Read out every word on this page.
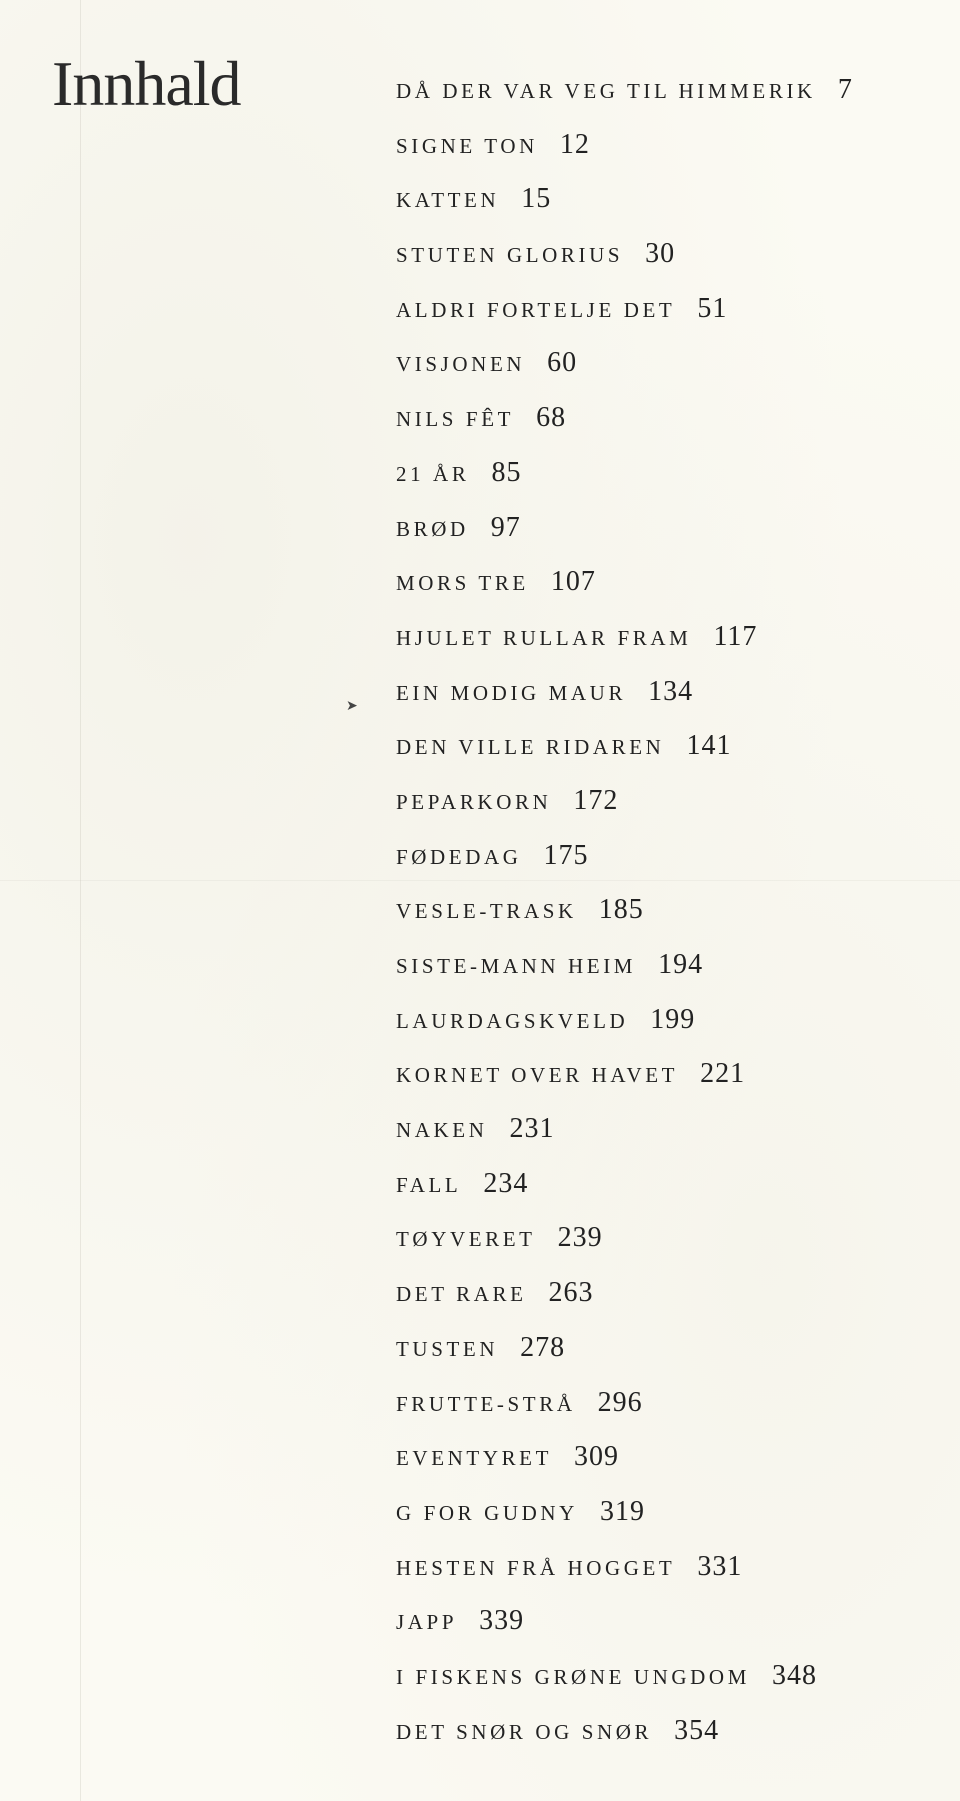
Innhald
➤
DÅ DER VAR VEG TIL HIMMERIK 7
SIGNE TON 12
KATTEN 15
STUTEN GLORIUS 30
ALDRI FORTELJE DET 51
VISJONEN 60
NILS FÊT 68
21 ÅR 85
BRØD 97
MORS TRE 107
HJULET RULLAR FRAM 117
EIN MODIG MAUR 134
DEN VILLE RIDAREN 141
PEPARKORN 172
FØDEDAG 175
VESLE-TRASK 185
SISTE-MANN HEIM 194
LAURDAGSKVELD 199
KORNET OVER HAVET 221
NAKEN 231
FALL 234
TØYVERET 239
DET RARE 263
TUSTEN 278
FRUTTE-STRÅ 296
EVENTYRET 309
G FOR GUDNY 319
HESTEN FRÅ HOGGET 331
JAPP 339
I FISKENS GRØNE UNGDOM 348
DET SNØR OG SNØR 354
